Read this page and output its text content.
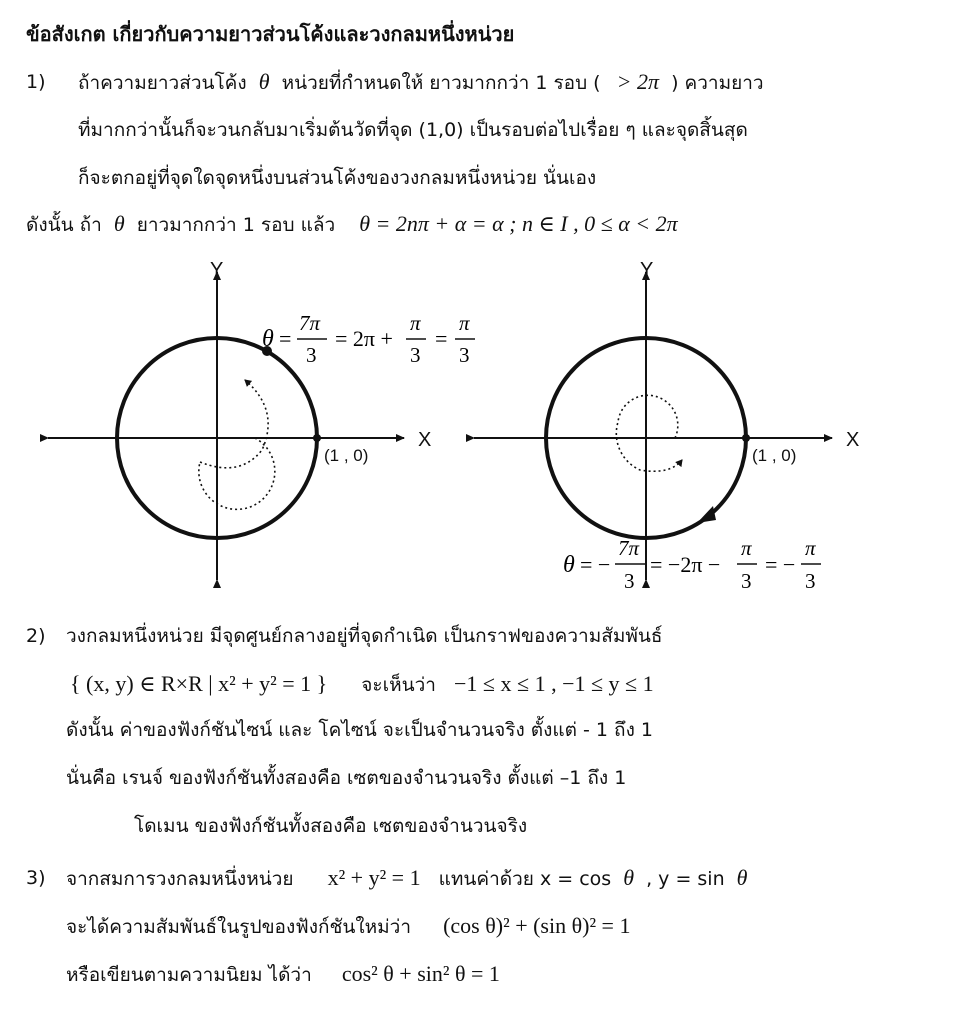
ข้อสังเกต เกี่ยวกับความยาวส่วนโค้งและวงกลมหนึ่งหน่วย
1) ถ้าความยาวส่วนโค้ง θ หน่วยที่กำหนดให้ ยาวมากกว่า 1 รอบ ( > 2π ) ความยาว
ที่มากกว่านั้นก็จะวนกลับมาเริ่มต้นวัดที่จุด (1,0) เป็นรอบต่อไปเรื่อย ๆ และจุดสิ้นสุด
ก็จะตกอยู่ที่จุดใดจุดหนึ่งบนส่วนโค้งของวงกลมหนึ่งหน่วย นั่นเอง
ดังนั้น ถ้า θ ยาวมากกว่า 1 รอบ แล้ว θ = 2nπ + α = α ; n ∈ I , 0 ≤ α < 2π
Y
X
(1 , 0)
θ =
7π
3
= 2π +
π
3
=
π
3
Y
X
(1 , 0)
θ = −
7π
3
= −2π −
π
3
= −
π
3
2) วงกลมหนึ่งหน่วย มีจุดศูนย์กลางอยู่ที่จุดกำเนิด เป็นกราฟของความสัมพันธ์
{ (x, y) ∈ R×R | x² + y² = 1 } จะเห็นว่า −1 ≤ x ≤ 1 , −1 ≤ y ≤ 1
ดังนั้น ค่าของฟังก์ชันไซน์ และ โคไซน์ จะเป็นจำนวนจริง ตั้งแต่ - 1 ถึง 1
นั่นคือ เรนจ์ ของฟังก์ชันทั้งสองคือ เซตของจำนวนจริง ตั้งแต่ –1 ถึง 1
โดเมน ของฟังก์ชันทั้งสองคือ เซตของจำนวนจริง
3) จากสมการวงกลมหนึ่งหน่วย x² + y² = 1 แทนค่าด้วย x = cos θ , y = sin θ
จะได้ความสัมพันธ์ในรูปของฟังก์ชันใหม่ว่า (cos θ)² + (sin θ)² = 1
หรือเขียนตามความนิยม ได้ว่า cos² θ + sin² θ = 1
